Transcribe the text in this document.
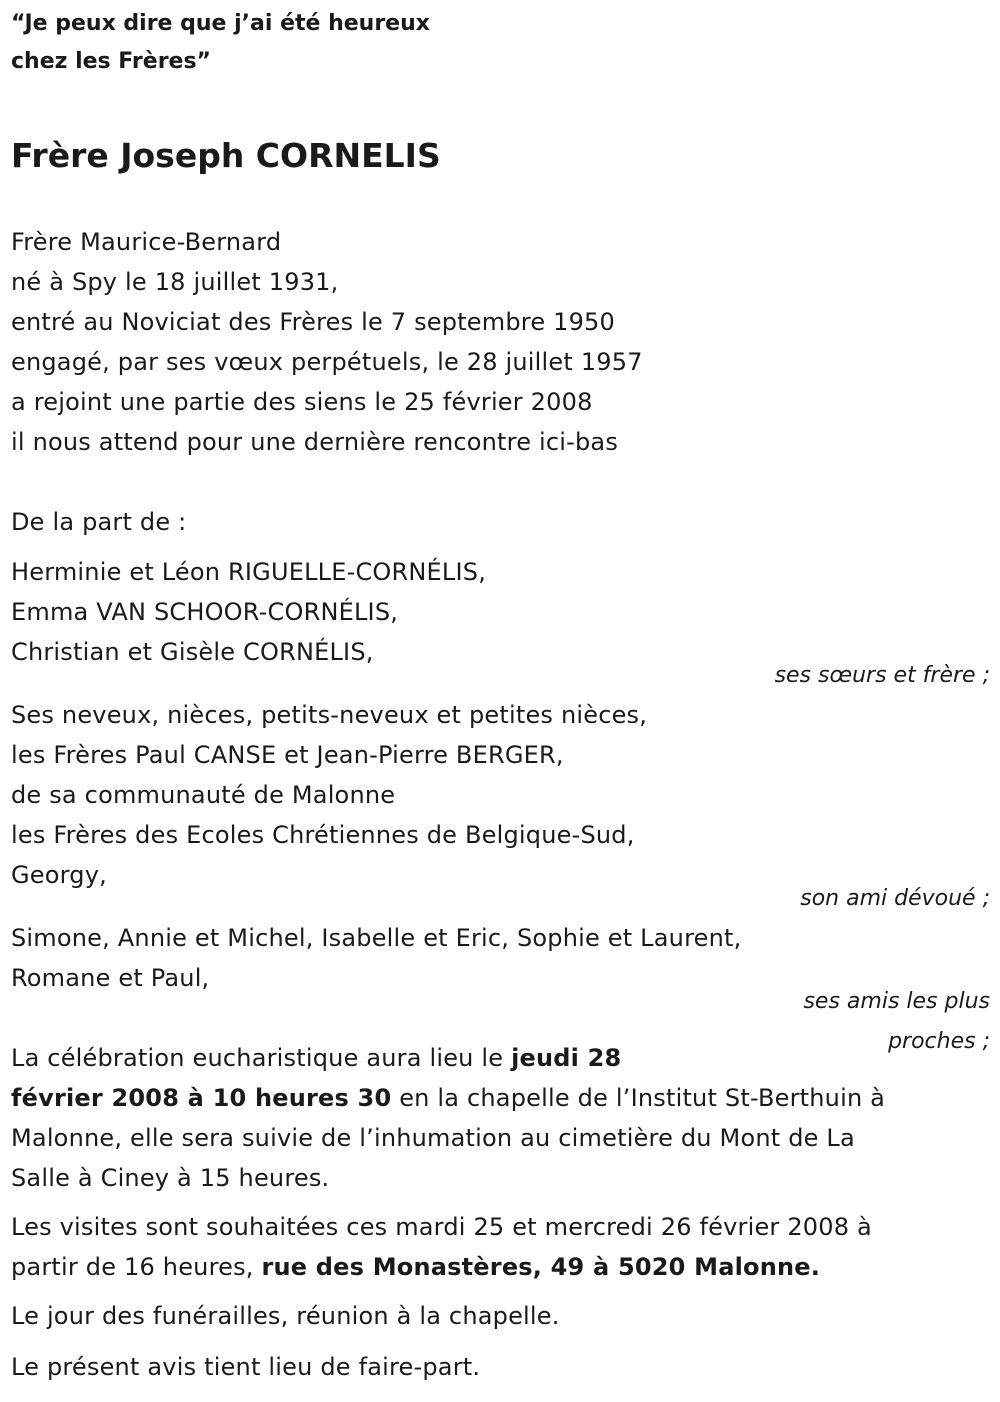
“Je peux dire que j’ai été heureux
chez les Frères”
Frère Joseph CORNELIS
Frère Maurice-Bernard
né à Spy le 18 juillet 1931,
entré au Noviciat des Frères le 7 septembre 1950
engagé, par ses vœux perpétuels, le 28 juillet 1957
a rejoint une partie des siens le 25 février 2008
il nous attend pour une dernière rencontre ici-bas
De la part de :
Herminie et Léon RIGUELLE-CORNÉLIS,
Emma VAN SCHOOR-CORNÉLIS,
Christian et Gisèle CORNÉLIS,
ses sœurs et frère ;
Ses neveux, nièces, petits-neveux et petites nièces,
les Frères Paul CANSE et Jean-Pierre BERGER,
de sa communauté de Malonne
les Frères des Ecoles Chrétiennes de Belgique-Sud,
Georgy,
son ami dévoué ;
Simone, Annie et Michel, Isabelle et Eric, Sophie et Laurent,
Romane et Paul,
ses amis les plus
proches ;
La célébration eucharistique aura lieu le jeudi 28
février 2008 à 10 heures 30 en la chapelle de l’Institut St-Berthuin à
Malonne, elle sera suivie de l’inhumation au cimetière du Mont de La
Salle à Ciney à 15 heures.
Les visites sont souhaitées ces mardi 25 et mercredi 26 février 2008 à
partir de 16 heures, rue des Monastères, 49 à 5020 Malonne.
Le jour des funérailles, réunion à la chapelle.
Le présent avis tient lieu de faire-part.
